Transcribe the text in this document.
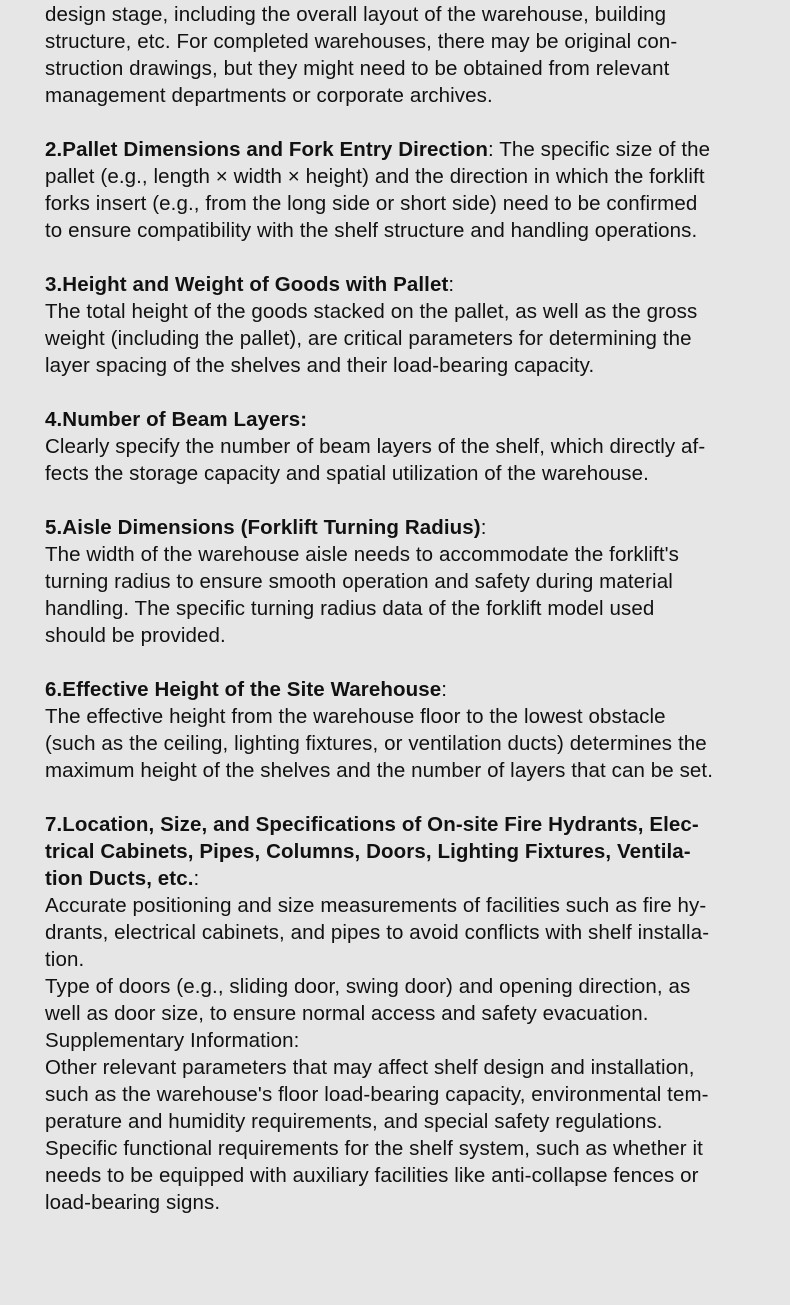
design stage, including the overall layout of the warehouse, building
structure, etc. For completed warehouses, there may be original con-
struction drawings, but they might need to be obtained from relevant
management departments or corporate archives.
2.Pallet Dimensions and Fork Entry Direction: The specific size of the
pallet (e.g., length × width × height) and the direction in which the forklift
forks insert (e.g., from the long side or short side) need to be confirmed
to ensure compatibility with the shelf structure and handling operations.
3.Height and Weight of Goods with Pallet:
The total height of the goods stacked on the pallet, as well as the gross
weight (including the pallet), are critical parameters for determining the
layer spacing of the shelves and their load-bearing capacity.
4.Number of Beam Layers:
Clearly specify the number of beam layers of the shelf, which directly af-
fects the storage capacity and spatial utilization of the warehouse.
5.Aisle Dimensions (Forklift Turning Radius):
The width of the warehouse aisle needs to accommodate the forklift's
turning radius to ensure smooth operation and safety during material
handling. The specific turning radius data of the forklift model used
should be provided.
6.Effective Height of the Site Warehouse:
The effective height from the warehouse floor to the lowest obstacle
(such as the ceiling, lighting fixtures, or ventilation ducts) determines the
maximum height of the shelves and the number of layers that can be set.
7.Location, Size, and Specifications of On-site Fire Hydrants, Elec-
trical Cabinets, Pipes, Columns, Doors, Lighting Fixtures, Ventila-
tion Ducts, etc.:
Accurate positioning and size measurements of facilities such as fire hy-
drants, electrical cabinets, and pipes to avoid conflicts with shelf installa-
tion.
Type of doors (e.g., sliding door, swing door) and opening direction, as
well as door size, to ensure normal access and safety evacuation.
Supplementary Information:
Other relevant parameters that may affect shelf design and installation,
such as the warehouse's floor load-bearing capacity, environmental tem-
perature and humidity requirements, and special safety regulations.
Specific functional requirements for the shelf system, such as whether it
needs to be equipped with auxiliary facilities like anti-collapse fences or
load-bearing signs.
